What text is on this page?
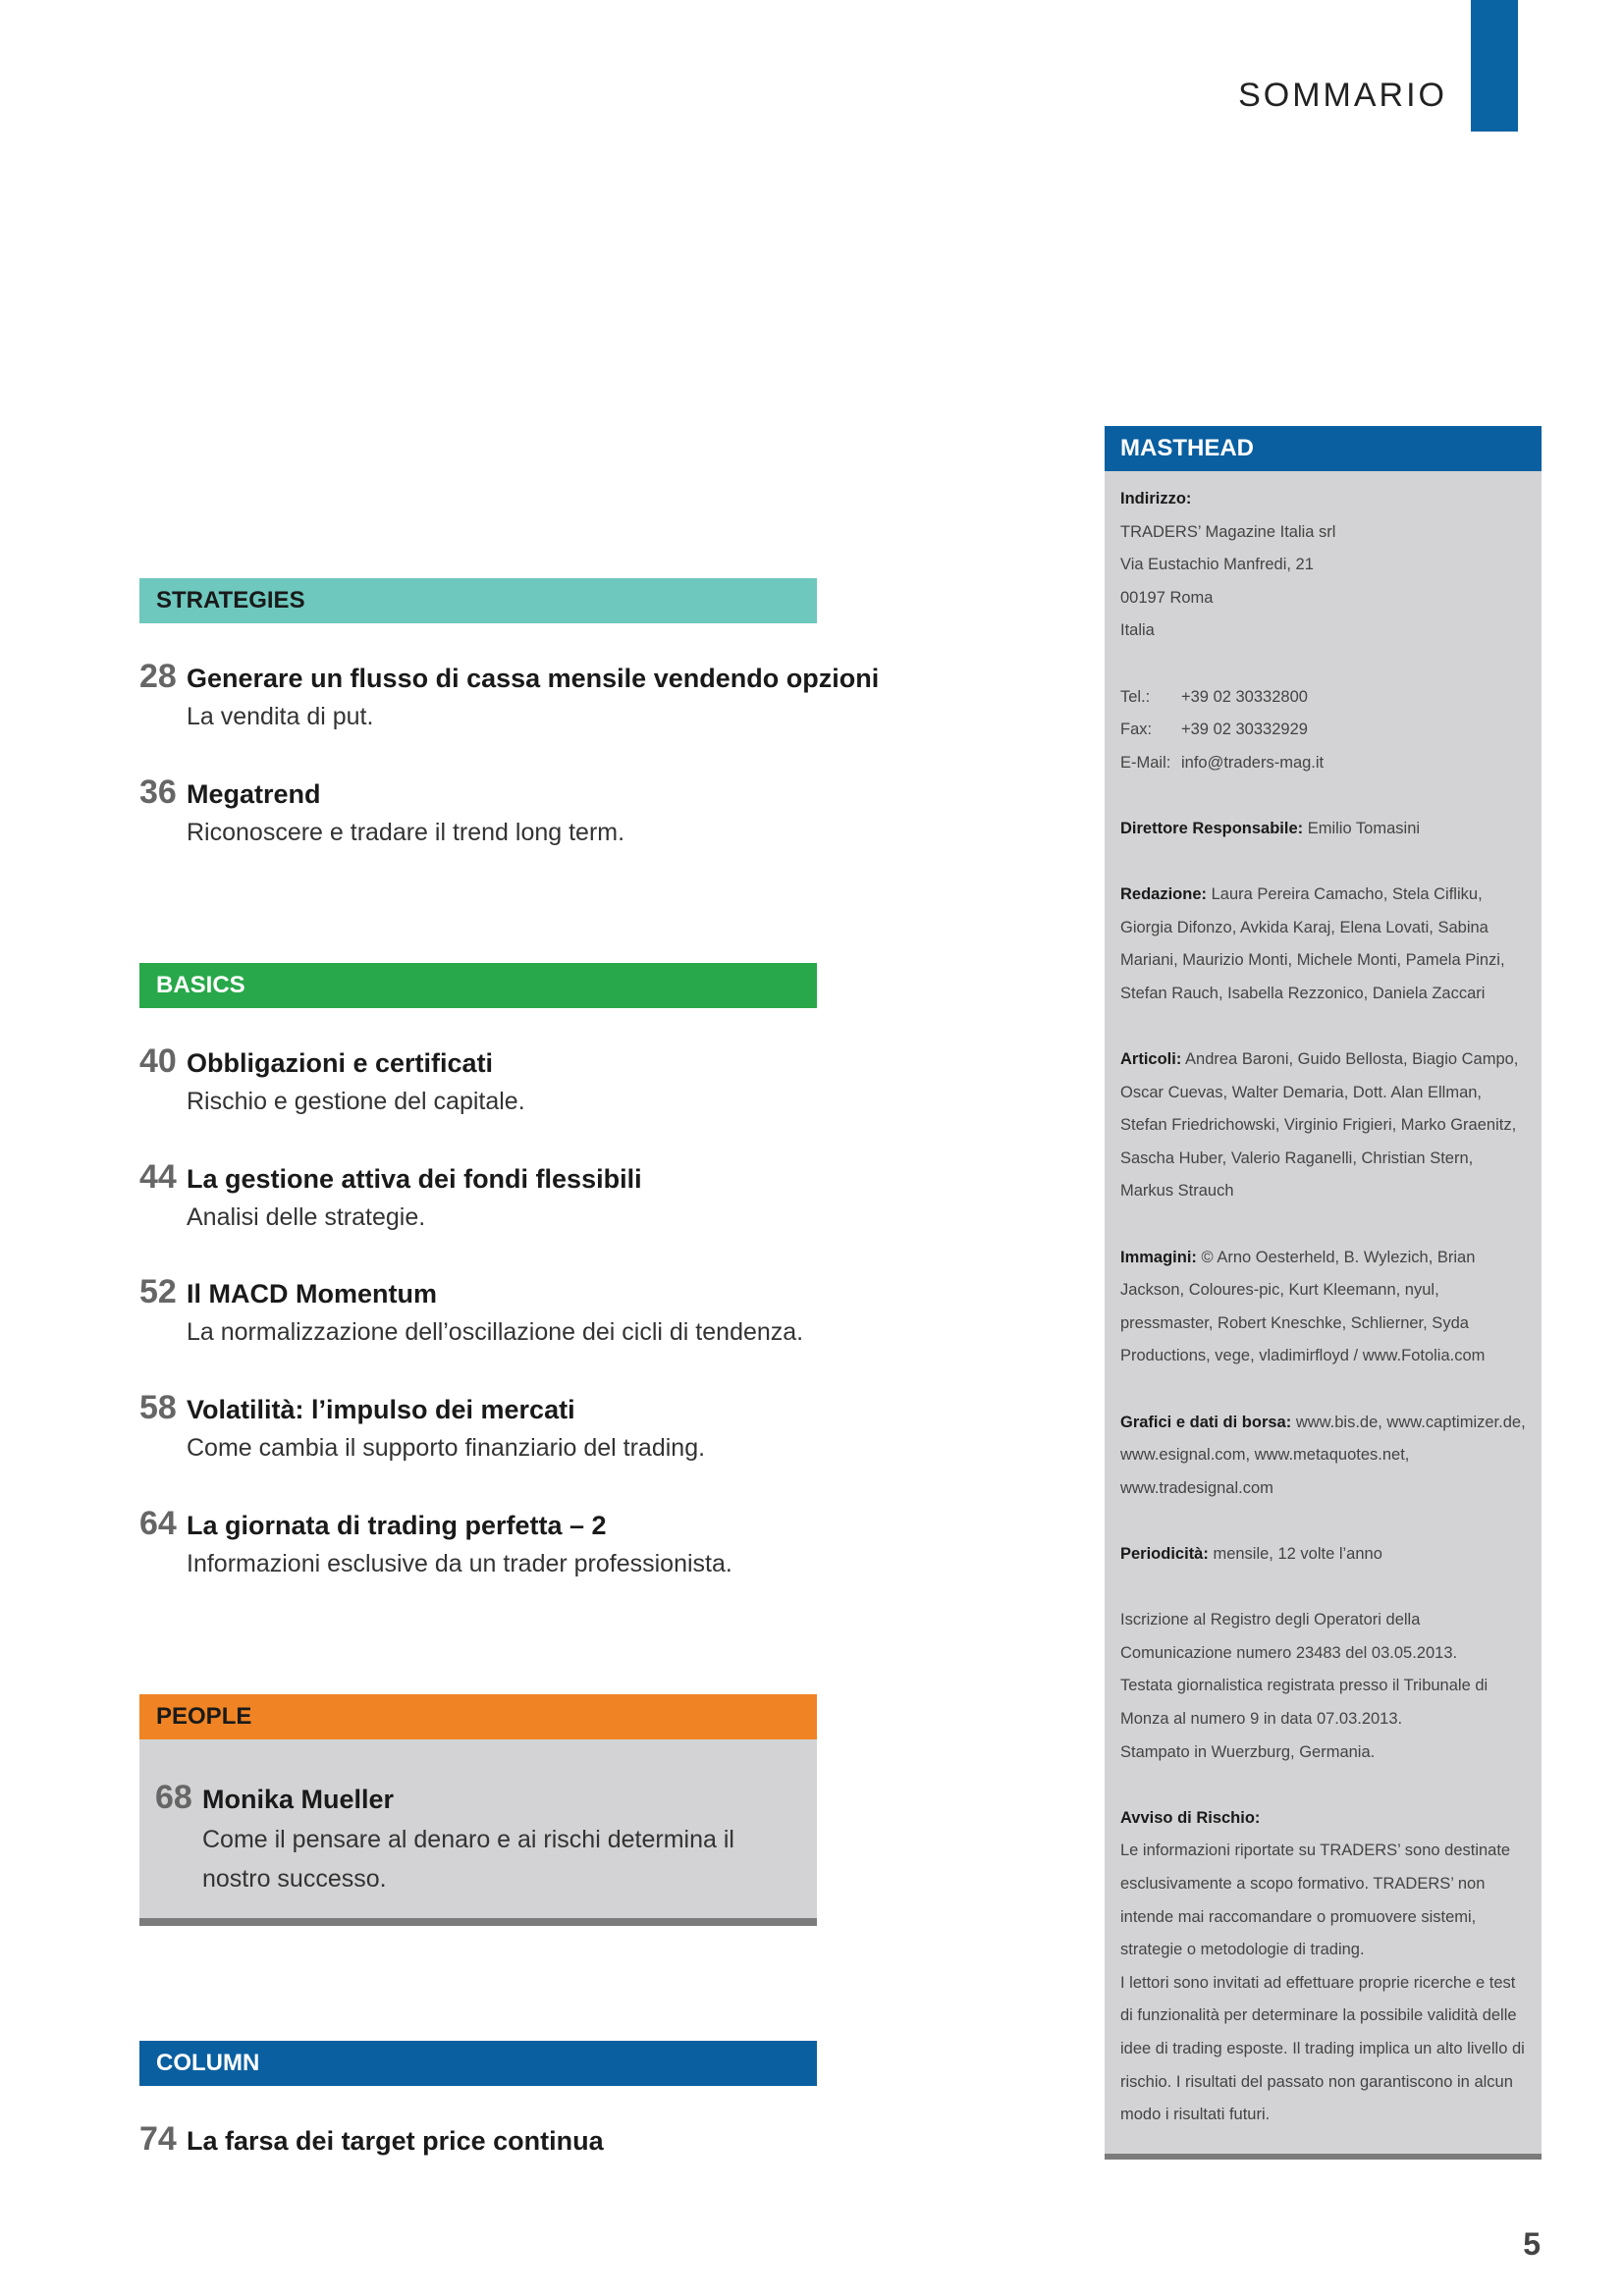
SOMMARIO
STRATEGIES
28 Generare un flusso di cassa mensile vendendo opzioni
La vendita di put.
36 Megatrend
Riconoscere e tradare il trend long term.
BASICS
40 Obbligazioni e certificati
Rischio e gestione del capitale.
44 La gestione attiva dei fondi flessibili
Analisi delle strategie.
52 Il MACD Momentum
La normalizzazione dell’oscillazione dei cicli di tendenza.
58 Volatilità: l’impulso dei mercati
Come cambia il supporto finanziario del trading.
64 La giornata di trading perfetta – 2
Informazioni esclusive da un trader professionista.
PEOPLE
68 Monika Mueller
Come il pensare al denaro e ai rischi determina il nostro successo.
COLUMN
74 La farsa dei target price continua
MASTHEAD
Indirizzo:
TRADERS’ Magazine Italia srl
Via Eustachio Manfredi, 21
00197 Roma
Italia
Tel.: +39 02 30332800
Fax: +39 02 30332929
E-Mail: info@traders-mag.it
Direttore Responsabile: Emilio Tomasini
Redazione: Laura Pereira Camacho, Stela Cifliku, Giorgia Difonzo, Avkida Karaj, Elena Lovati, Sabina Mariani, Maurizio Monti, Michele Monti, Pamela Pinzi, Stefan Rauch, Isabella Rezzonico, Daniela Zaccari
Articoli: Andrea Baroni, Guido Bellosta, Biagio Campo, Oscar Cuevas, Walter Demaria, Dott. Alan Ellman, Stefan Friedrichowski, Virginio Frigieri, Marko Graenitz, Sascha Huber, Valerio Raganelli, Christian Stern, Markus Strauch
Immagini: © Arno Oesterheld, B. Wylezich, Brian Jackson, Coloures-pic, Kurt Kleemann, nyul, pressmaster, Robert Kneschke, Schlierner, Syda Productions, vege, vladimirfloyd / www.Fotolia.com
Grafici e dati di borsa: www.bis.de, www.captimizer.de, www.esignal.com, www.metaquotes.net, www.tradesignal.com
Periodicità: mensile, 12 volte l’anno
Iscrizione al Registro degli Operatori della Comunicazione numero 23483 del 03.05.2013.
Testata giornalistica registrata presso il Tribunale di Monza al numero 9 in data 07.03.2013.
Stampato in Wuerzburg, Germania.
Avviso di Rischio:
Le informazioni riportate su TRADERS’ sono destinate esclusivamente a scopo formativo. TRADERS’ non intende mai raccomandare o promuovere sistemi, strategie o metodologie di trading.
I lettori sono invitati ad effettuare proprie ricerche e test di funzionalità per determinare la possibile validità delle idee di trading esposte. Il trading implica un alto livello di rischio. I risultati del passato non garantiscono in alcun modo i risultati futuri.
5
